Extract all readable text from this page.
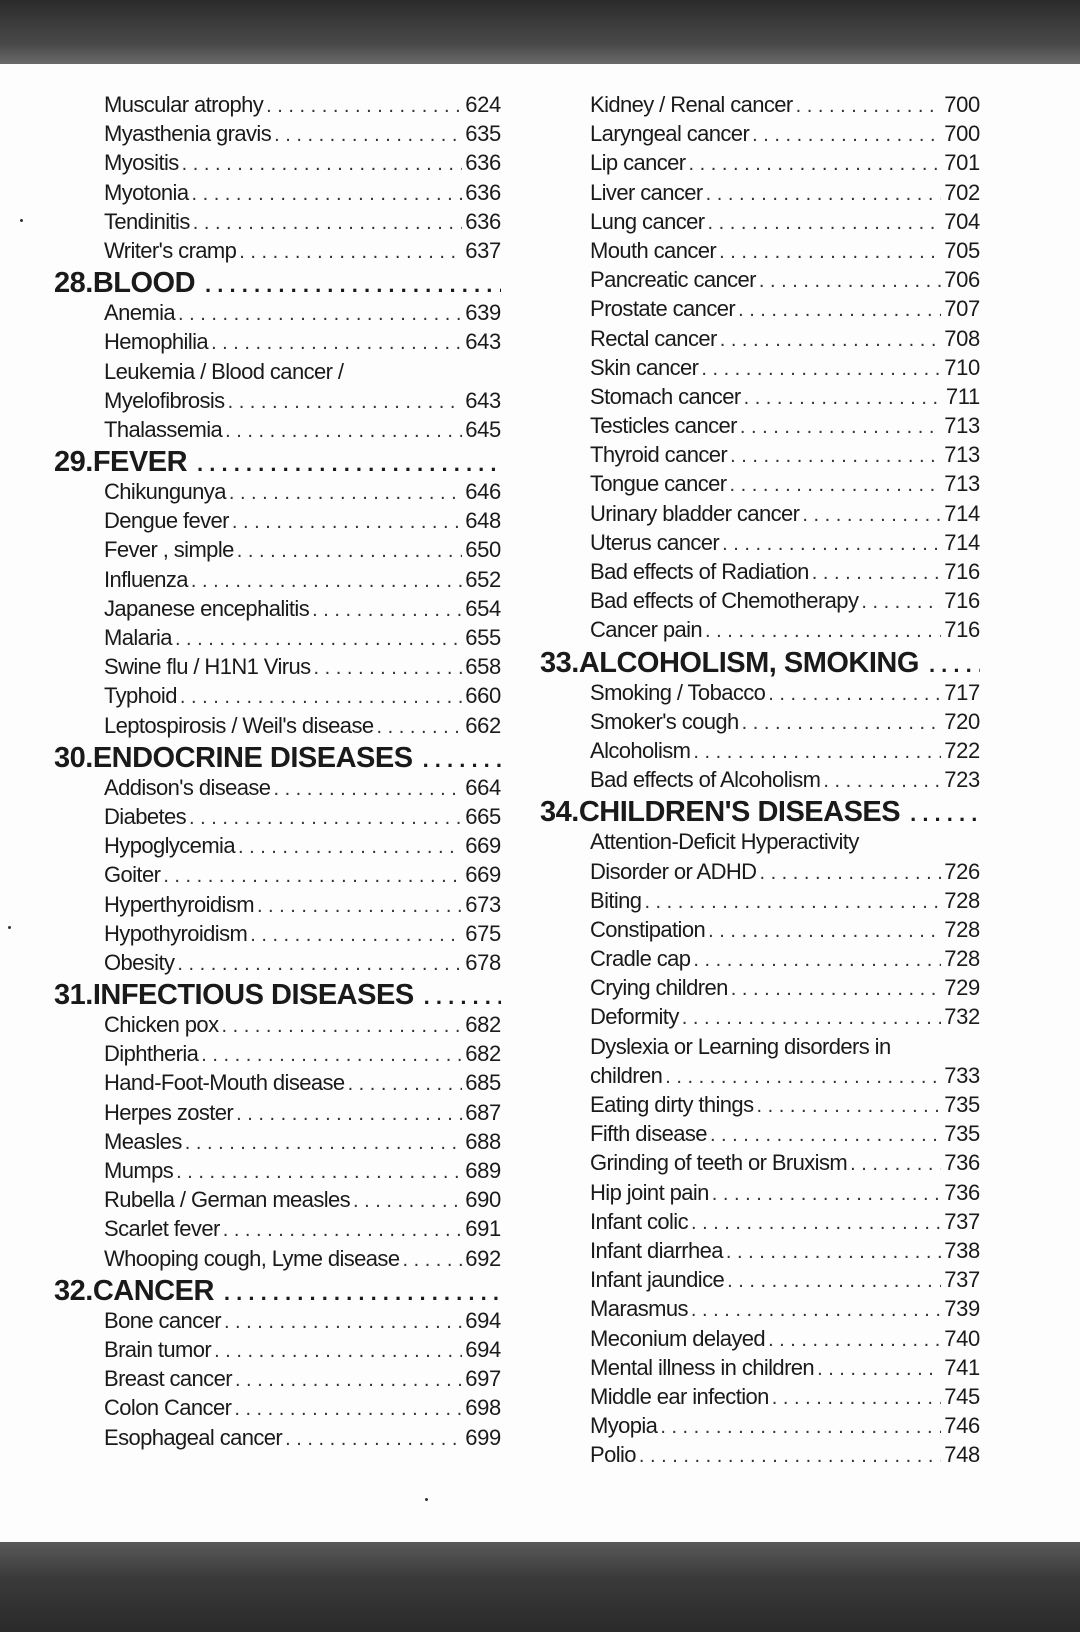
Muscular atrophy . . .	624
Myasthenia gravis . . .	635
Myositis . . .	636
Myotonia . . .	636
Tendinitis . . .	636
Writer's cramp . . .	637
28. BLOOD
. . .
Anemia . . .	639
Hemophilia . . .	643
Leukemia / Blood cancer /
Myelofibrosis . . .	643
Thalassemia . . .	645
29. FEVER
. . .
Chikungunya . . .	646
Dengue fever . . .	648
Fever , simple . . .	650
Influenza . . .	652
Japanese encephalitis . . .	654
Malaria . . .	655
Swine flu / H1N1 Virus . . .	658
Typhoid . . .	660
Leptospirosis / Weil's disease . . .	662
30. ENDOCRINE DISEASES
. . .
Addison's disease . . .	664
Diabetes . . .	665
Hypoglycemia . . .	669
Goiter . . .	669
Hyperthyroidism . . .	673
Hypothyroidism . . .	675
Obesity . . .	678
31. INFECTIOUS DISEASES
. . .
Chicken pox . . .	682
Diphtheria . . .	682
Hand-Foot-Mouth disease . . .	685
Herpes zoster . . .	687
Measles . . .	688
Mumps . . .	689
Rubella / German measles . . .	690
Scarlet fever . . .	691
Whooping cough, Lyme disease . . .	692
32. CANCER
. . .
Bone cancer . . .	694
Brain tumor . . .	694
Breast cancer . . .	697
Colon Cancer . . .	698
Esophageal cancer . . .	699
Kidney / Renal cancer . . .	700
Laryngeal cancer . . .	700
Lip cancer . . .	701
Liver cancer . . .	702
Lung cancer . . .	704
Mouth cancer . . .	705
Pancreatic cancer . . .	706
Prostate cancer . . .	707
Rectal cancer . . .	708
Skin cancer . . .	710
Stomach cancer . . .	711
Testicles cancer . . .	713
Thyroid cancer . . .	713
Tongue cancer . . .	713
Urinary bladder cancer . . .	714
Uterus cancer . . .	714
Bad effects of Radiation . . .	716
Bad effects of Chemotherapy . . .	716
Cancer pain . . .	716
33. ALCOHOLISM, SMOKING
. . .
Smoking / Tobacco . . .	717
Smoker's cough . . .	720
Alcoholism . . .	722
Bad effects of Alcoholism . . .	723
34. CHILDREN'S DISEASES
. . .
Attention-Deficit Hyperactivity
Disorder or ADHD . . .	726
Biting . . .	728
Constipation . . .	728
Cradle cap . . .	728
Crying children . . .	729
Deformity . . .	732
Dyslexia or Learning disorders in
children . . .	733
Eating dirty things . . .	735
Fifth disease . . .	735
Grinding of teeth or Bruxism . . .	736
Hip joint pain . . .	736
Infant colic . . .	737
Infant diarrhea . . .	738
Infant jaundice . . .	737
Marasmus . . .	739
Meconium delayed . . .	740
Mental illness in children . . .	741
Middle ear infection . . .	745
Myopia . . .	746
Polio . . .	748
